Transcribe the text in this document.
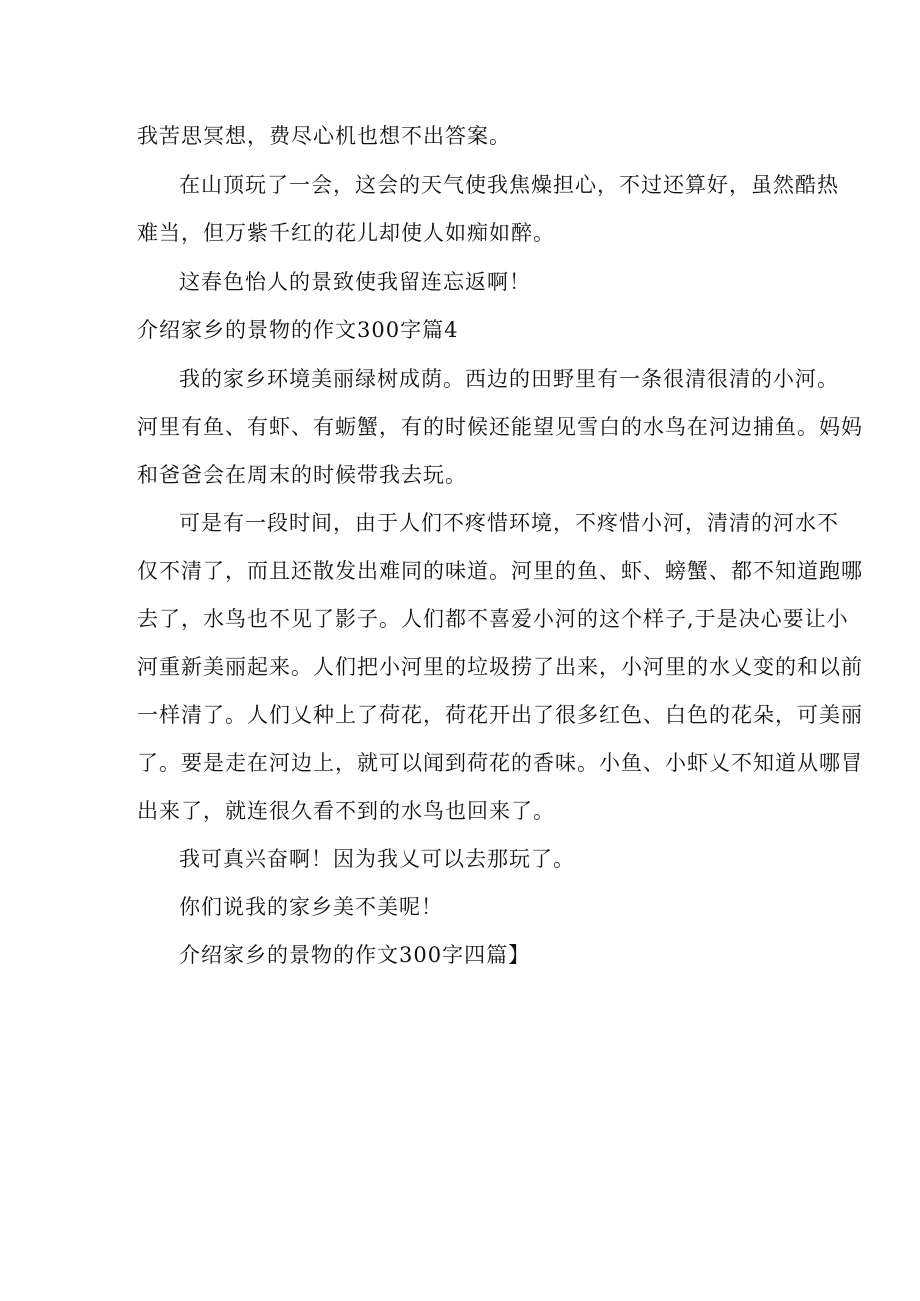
我苦思冥想，费尽心机也想不出答案。

在山顶玩了一会，这会的天气使我焦燥担心，不过还算好，虽然酷热

难当，但万紫千红的花儿却使人如痴如醉。

这春色怡人的景致使我留连忘返啊！

介绍家乡的景物的作文300字篇4

我的家乡环境美丽绿树成荫。西边的田野里有一条很清很清的小河。

河里有鱼、有虾、有蛎蟹，有的时候还能望见雪白的水鸟在河边捕鱼。妈妈

和爸爸会在周末的时候带我去玩。

可是有一段时间，由于人们不疼惜环境，不疼惜小河，清清的河水不

仅不清了，而且还散发出难同的味道。河里的鱼、虾、螃蟹、都不知道跑哪

去了，水鸟也不见了影子。人们都不喜爱小河的这个样子,于是决心要让小

河重新美丽起来。人们把小河里的垃圾捞了出来，小河里的水乂变的和以前

一样清了。人们乂种上了荷花，荷花开出了很多红色、白色的花朵，可美丽

了。要是走在河边上，就可以闻到荷花的香味。小鱼、小虾乂不知道从哪冒

出来了，就连很久看不到的水鸟也回来了。

我可真兴奋啊！因为我乂可以去那玩了。

你们说我的家乡美不美呢！

介绍家乡的景物的作文300字四篇】
